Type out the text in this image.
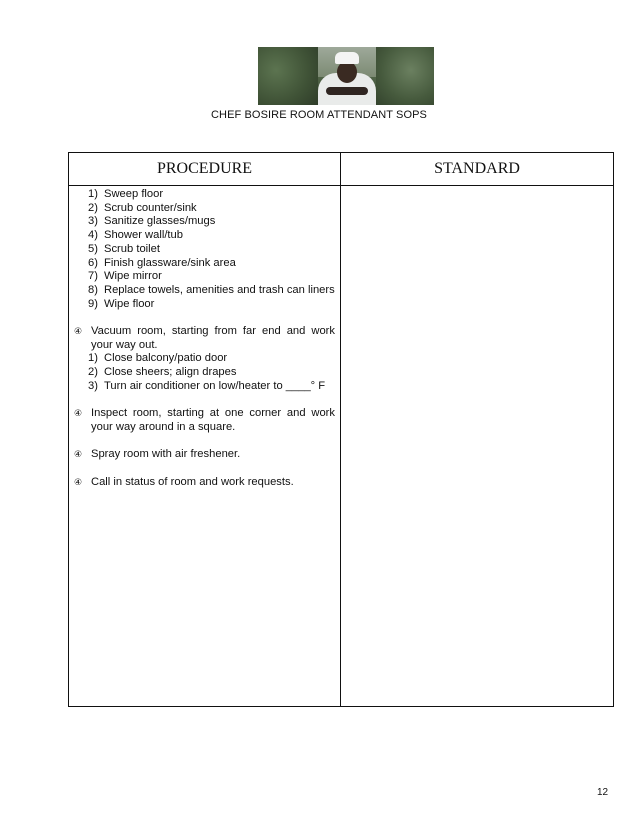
CHEF BOSIRE ROOM ATTENDANT SOPS
PROCEDURE	STANDARD
1) Sweep floor
2) Scrub counter/sink
3) Sanitize glasses/mugs
4) Shower wall/tub
5) Scrub toilet
6) Finish glassware/sink area
7) Wipe mirror
8) Replace towels, amenities and trash can liners
9) Wipe floor
④ Vacuum room, starting from far end and work your way out.
1) Close balcony/patio door
2) Close sheers; align drapes
3) Turn air conditioner on low/heater to ____° F
④ Inspect room, starting at one corner and work your way around in a square.
④ Spray room with air freshener.
④ Call in status of room and work requests.
12
